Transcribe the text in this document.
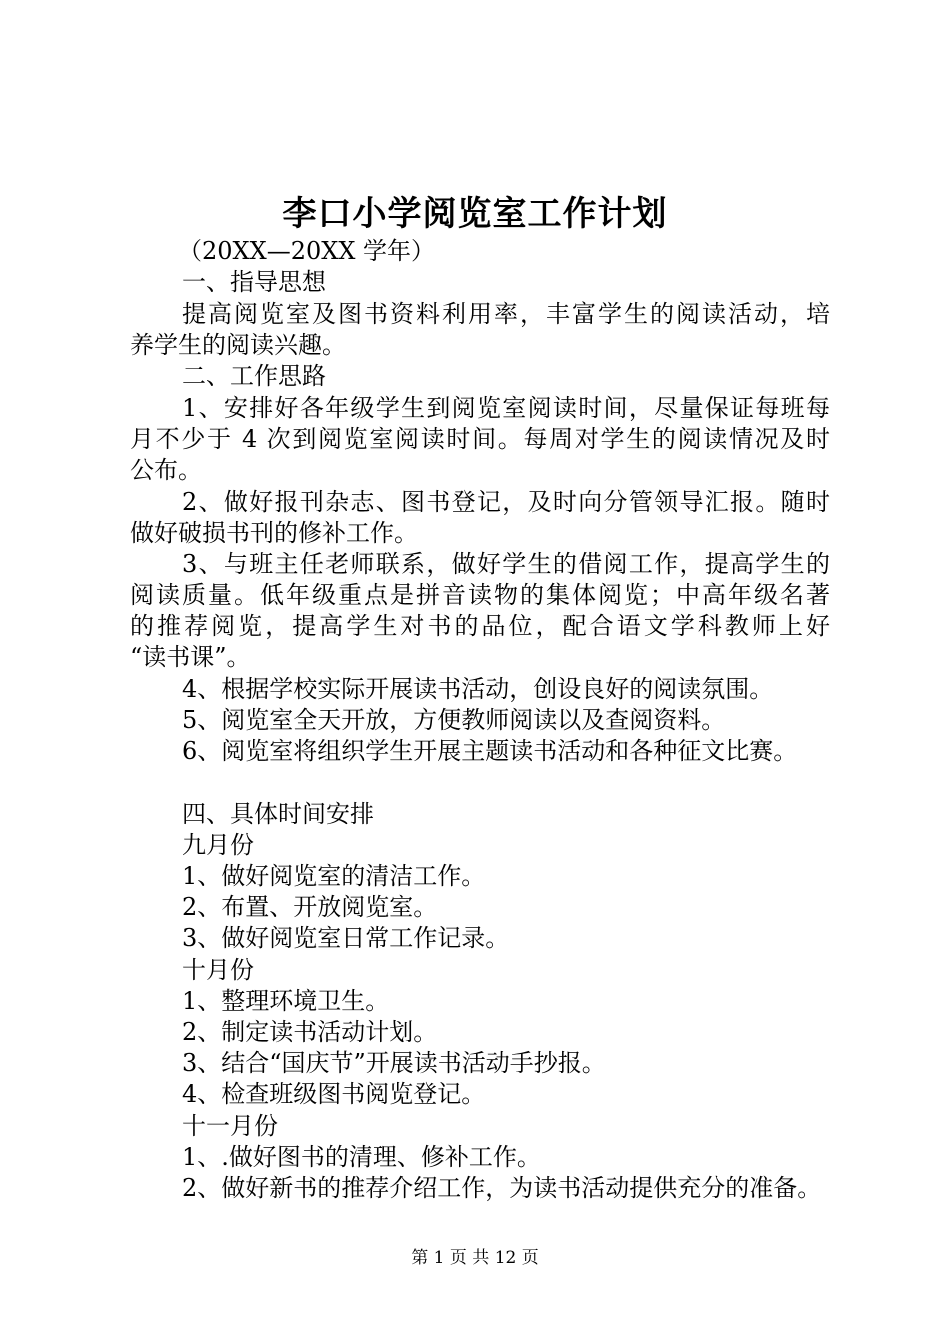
李口小学阅览室工作计划

（20XX—20XX 学年）

一、指导思想

提高阅览室及图书资料利用率，丰富学生的阅读活动，培

养学生的阅读兴趣。

二、工作思路

1、安排好各年级学生到阅览室阅读时间，尽量保证每班每

月不少于 4 次到阅览室阅读时间。每周对学生的阅读情况及时

公布。

2、做好报刊杂志、图书登记，及时向分管领导汇报。随时

做好破损书刊的修补工作。

3、与班主任老师联系，做好学生的借阅工作，提高学生的

阅读质量。低年级重点是拼音读物的集体阅览；中高年级名著

的推荐阅览，提高学生对书的品位，配合语文学科教师上好

“读书课”。

4、根据学校实际开展读书活动，创设良好的阅读氛围。

5、阅览室全天开放，方便教师阅读以及查阅资料。

6、阅览室将组织学生开展主题读书活动和各种征文比赛。

四、具体时间安排

九月份

1、做好阅览室的清洁工作。

2、布置、开放阅览室。

3、做好阅览室日常工作记录。

十月份

1、整理环境卫生。

2、制定读书活动计划。

3、结合“国庆节”开展读书活动手抄报。

4、检查班级图书阅览登记。

十一月份

1、.做好图书的清理、修补工作。

2、做好新书的推荐介绍工作，为读书活动提供充分的准备。

第 1 页 共 12 页
